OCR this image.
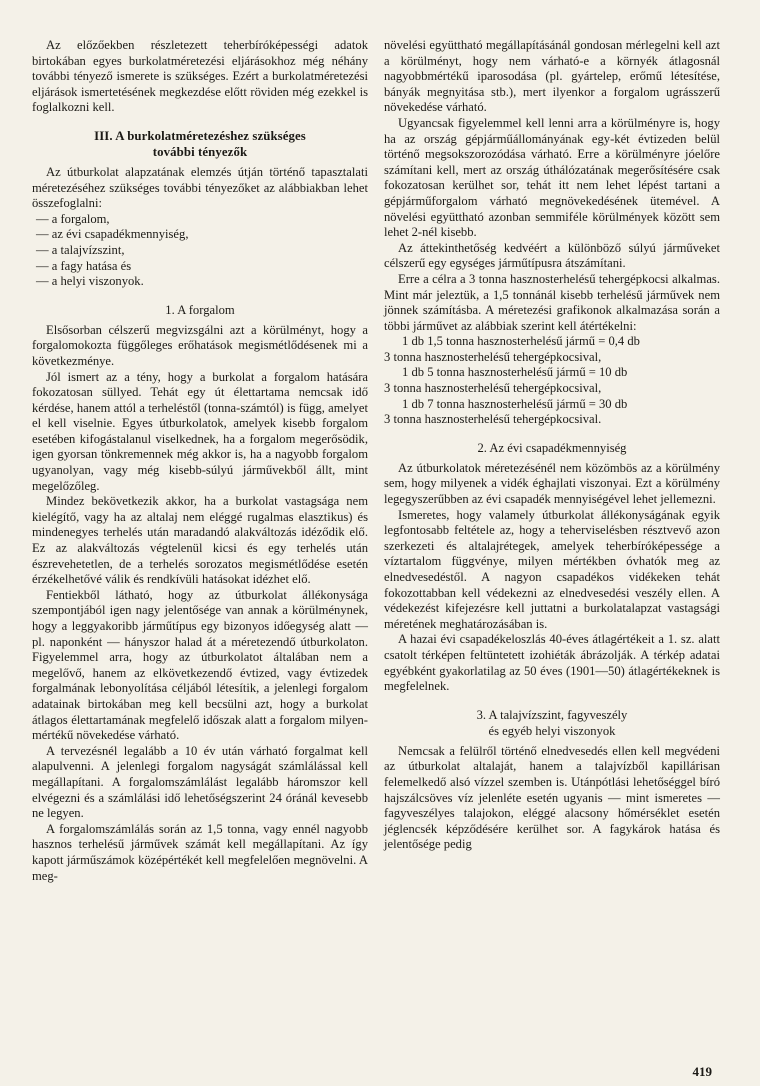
Az előzőekben részletezett teherbíróképességi adatok birtokában egyes burkolatméretezési eljárásokhoz még néhány további tényező ismerete is szükséges. Ezért a burkolatméretezési eljárások ismertetésének megkezdése előtt röviden még ezekkel is foglalkozni kell.

III. A burkolatméretezéshez szükséges
további tényezők

Az útburkolat alapzatának elemzés útján történő tapasztalati méretezéséhez szükséges további tényezőket az alábbiakban lehet összefoglalni:

— a forgalom,
— az évi csapadékmennyiség,
— a talajvízszint,
— a fagy hatása és
— a helyi viszonyok.
1. A forgalom

Elsősorban célszerű megvizsgálni azt a körülményt, hogy a forgalomokozta függőleges erőhatások megismétlődésenek mi a következménye.

Jól ismert az a tény, hogy a burkolat a forgalom hatására fokozatosan süllyed. Tehát egy út élettartama nemcsak idő kérdése, hanem attól a terheléstől (tonna-számtól) is függ, amelyet el kell viselnie. Egyes útburkolatok, amelyek kisebb forgalom esetében kifogástalanul viselkednek, ha a forgalom megerősödik, igen gyorsan tönkremennek még akkor is, ha a nagyobb forgalom ugyanolyan, vagy még kisebb-súlyú járművekből állt, mint megelőzőleg.

Mindez bekövetkezik akkor, ha a burkolat vastagsága nem kielégítő, vagy ha az altalaj nem eléggé rugalmas elasztikus) és mindenegyes terhelés után maradandó alakváltozás idéződik elő. Ez az alakváltozás végtelenül kicsi és egy terhelés után észrevehetetlen, de a terhelés sorozatos megismétlődése esetén érzékelhetővé válik és rendkívüli hatásokat idézhet elő.

Fentiekből látható, hogy az útburkolat állékonysága szempontjából igen nagy jelentősége van annak a körülménynek, hogy a leggyakoribb járműtípus egy bizonyos időegység alatt — pl. naponként — hányszor halad át a méretezendő útburkolaton. Figyelemmel arra, hogy az útburkolatot általában nem a megelővő, hanem az elkövetkezendő évtized, vagy évtizedek forgalmának lebonyolítása céljából létesítik, a jelenlegi forgalom adatainak birtokában meg kell becsülni azt, hogy a burkolat átlagos élettartamának megfelelő időszak alatt a forgalom milyen-mértékű növekedése várható.

A tervezésnél legalább a 10 év után várható forgalmat kell alapulvenni. A jelenlegi forgalom nagyságát számlálással kell megállapítani. A forgalomszámlálást legalább háromszor kell elvégezni és a számlálási idő lehetőségszerint 24 óránál kevesebb ne legyen.

A forgalomszámlálás során az 1,5 tonna, vagy ennél nagyobb hasznos terhelésű járművek számát kell megállapítani. Az így kapott járműszámok középértékét kell megfelelően megnövelni. A meg-

növelési együttható megállapításánál gondosan mérlegelni kell azt a körülményt, hogy nem várható-e a környék átlagosnál nagyobbmértékű iparosodása (pl. gyártelep, erőmű létesítése, bányák megnyitása stb.), mert ilyenkor a forgalom ugrásszerű növekedése várható.

Ugyancsak figyelemmel kell lenni arra a körülményre is, hogy ha az ország gépjárműállományának egy-két évtizeden belül történő megsokszorozódása várható. Erre a körülményre jóelőre számítani kell, mert az ország úthálózatának megerősítésére csak fokozatosan kerülhet sor, tehát itt nem lehet lépést tartani a gépjárműforgalom várható megnövekedésének ütemével. A növelési együttható azonban semmiféle körülmények között sem lehet 2-nél kisebb.

Az áttekinthetőség kedvéért a különböző súlyú járműveket célszerű egy egységes járműtípusra átszámítani.

Erre a célra a 3 tonna hasznosterhelésű tehergépkocsi alkalmas. Mint már jeleztük, a 1,5 tonnánál kisebb terhelésű járművek nem jönnek számításba. A méretezési grafikonok alkalmazása során a többi járművet az alábbiak szerint kell átértékelni:

1 db 1,5 tonna hasznosterhelésű jármű = 0,4 db
3 tonna hasznosterhelésű tehergépkocsival,
1 db 5 tonna hasznosterhelésű jármű = 10 db
3 tonna hasznosterhelésű tehergépkocsival,
1 db 7 tonna hasznosterhelésű jármű = 30 db
3 tonna hasznosterhelésű tehergépkocsival.
2. Az évi csapadékmennyiség

Az útburkolatok méretezésénél nem közömbös az a körülmény sem, hogy milyenek a vidék éghajlati viszonyai. Ezt a körülmény legegyszerűbben az évi csapadék mennyiségével lehet jellemezni.

Ismeretes, hogy valamely útburkolat állékonyságának egyik legfontosabb feltétele az, hogy a teherviselésben résztvevő azon szerkezeti és altalajrétegek, amelyek teherbíróképessége a víztartalom függvénye, milyen mértékben óvhatók meg az elnedvesedéstől. A nagyon csapadékos vidékeken tehát fokozottabban kell védekezni az elnedvesedési veszély ellen. A védekezést kifejezésre kell juttatni a burkolatalapzat vastagsági méretének meghatározásában is.

A hazai évi csapadékeloszlás 40-éves átlagértékeit a 1. sz. alatt csatolt térképen feltüntetett izohiéták ábrázolják. A térkép adatai egyébként gyakorlatilag az 50 éves (1901—50) átlagértékeknek is megfelelnek.

3. A talajvízszint, fagyveszély
és egyéb helyi viszonyok

Nemcsak a felülről történő elnedvesedés ellen kell megvédeni az útburkolat altalaját, hanem a talajvízből kapillárisan felemelkedő alsó vízzel szemben is. Utánpótlási lehetőséggel bíró hajszálcsöves víz jelenléte esetén ugyanis — mint ismeretes — fagyveszélyes talajokon, eléggé alacsony hőmérséklet esetén jéglencsék képződésére kerülhet sor. A fagykárok hatása és jelentősége pedig

419
